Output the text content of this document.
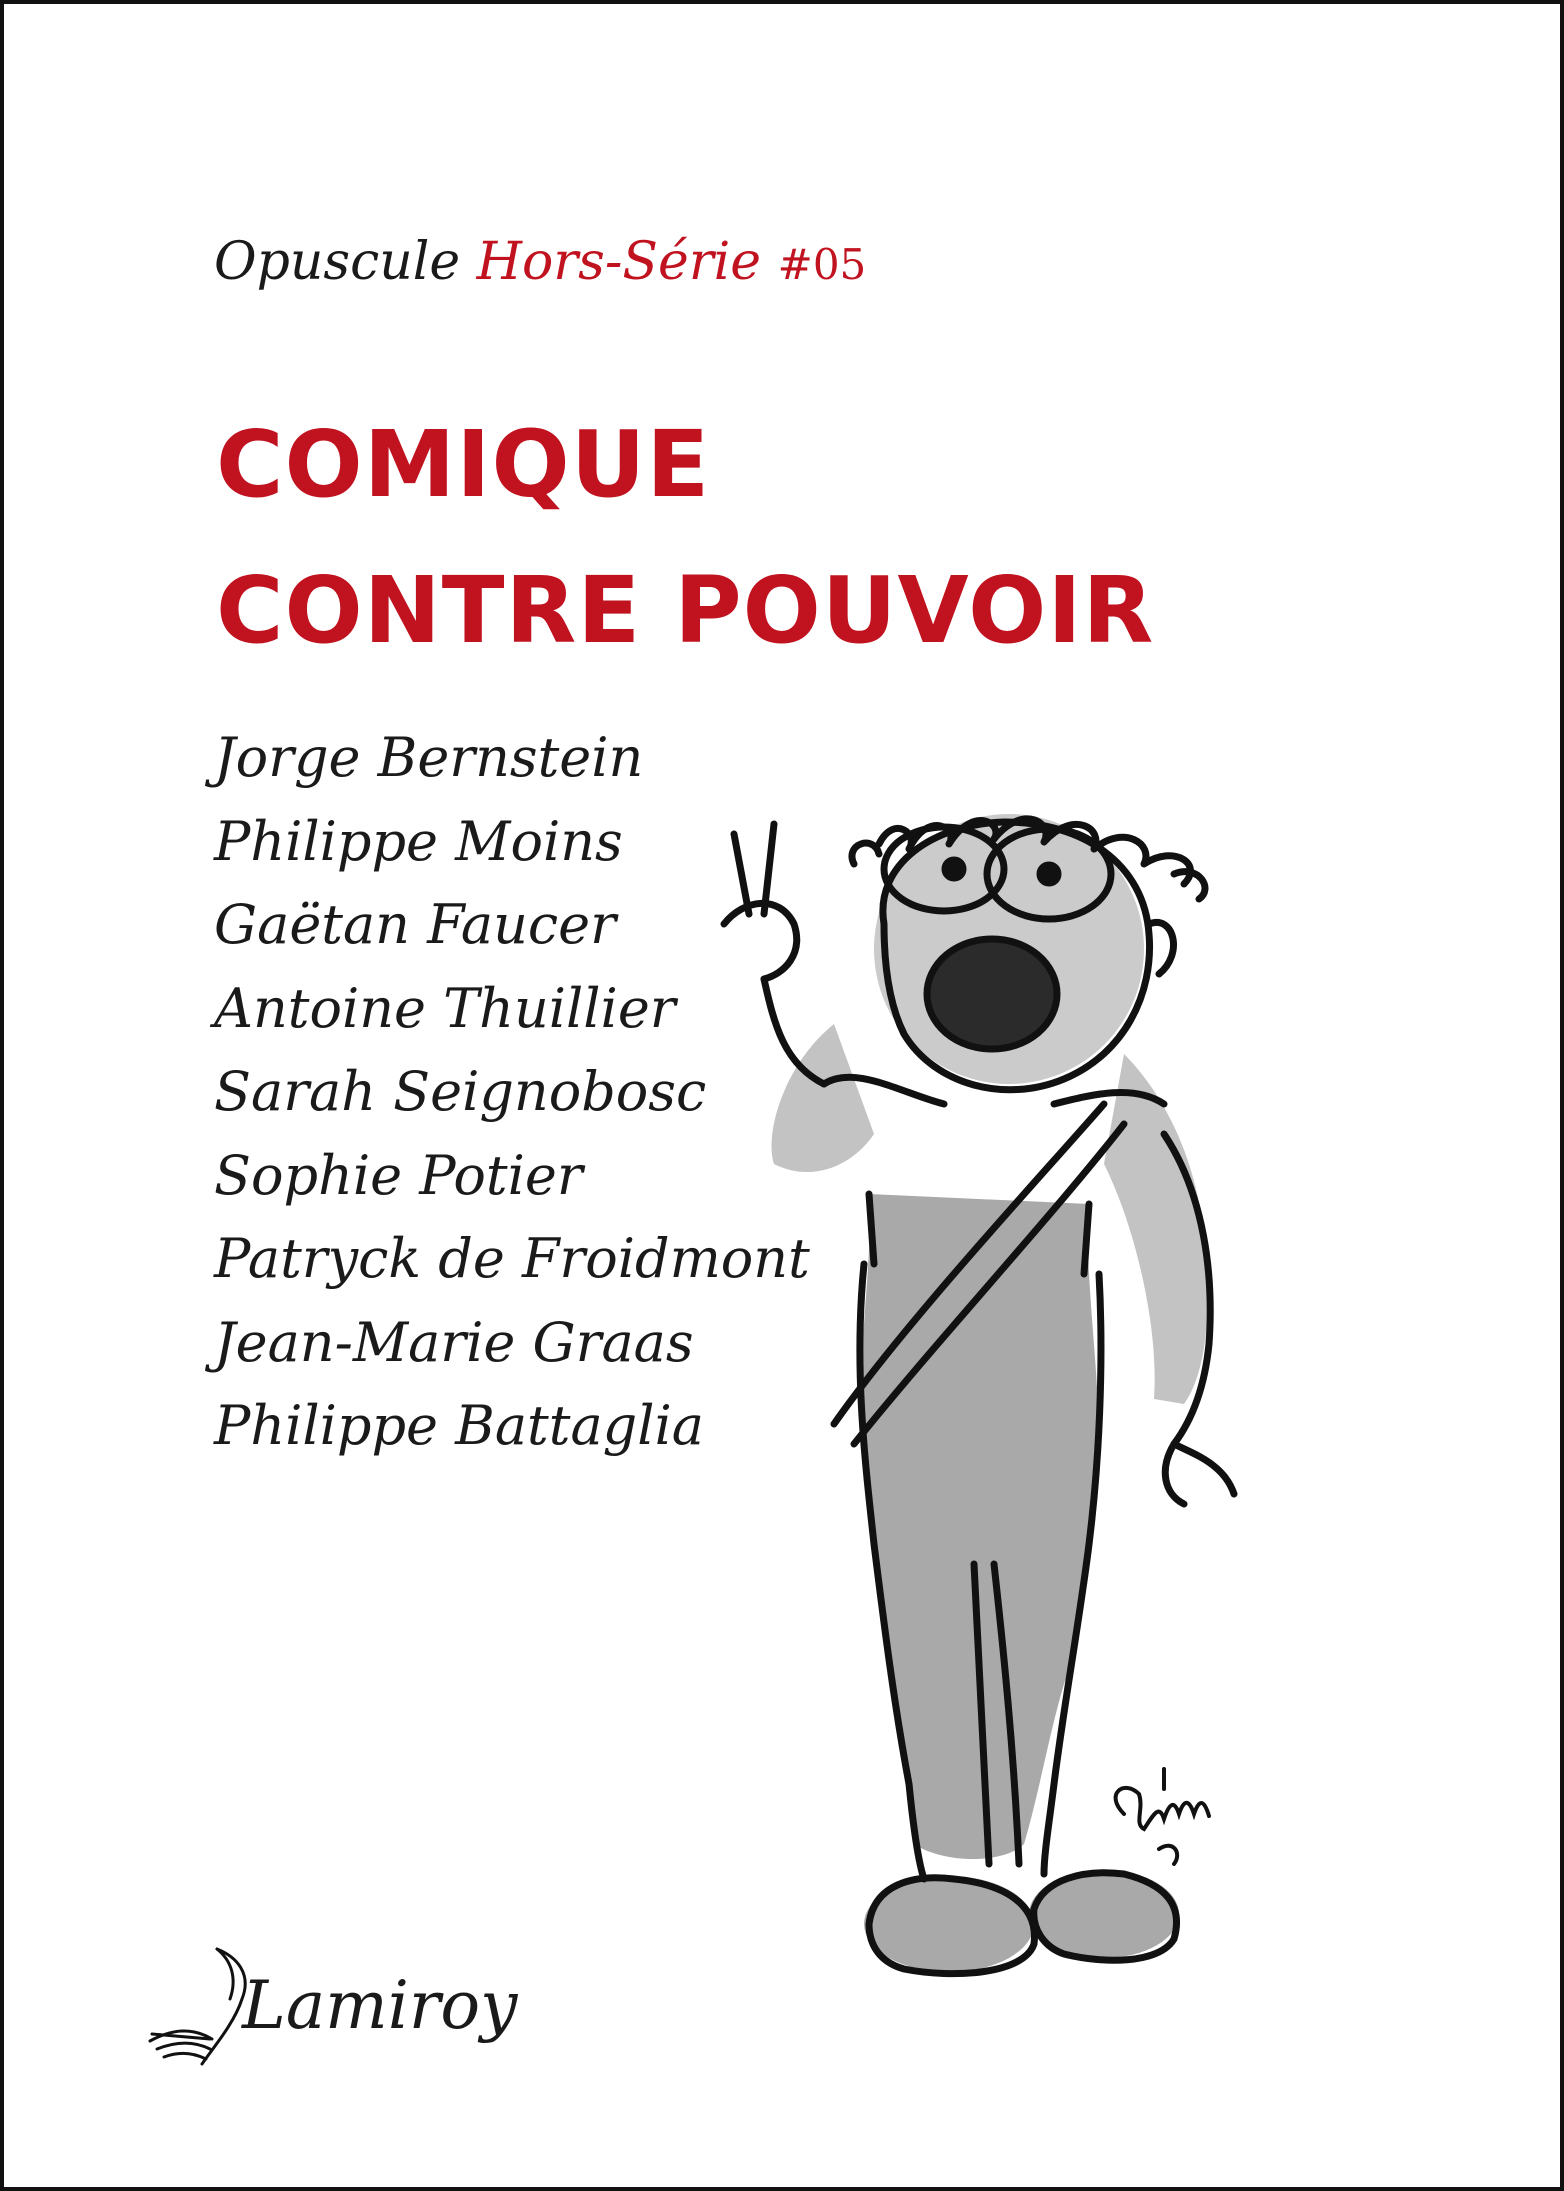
Opuscule Hors-Série #05
COMIQUE
CONTRE POUVOIR
Jorge Bernstein
Philippe Moins
Gaëtan Faucer
Antoine Thuillier
Sarah Seignobosc
Sophie Potier
Patryck de Froidmont
Jean-Marie Graas
Philippe Battaglia
Lamiroy
